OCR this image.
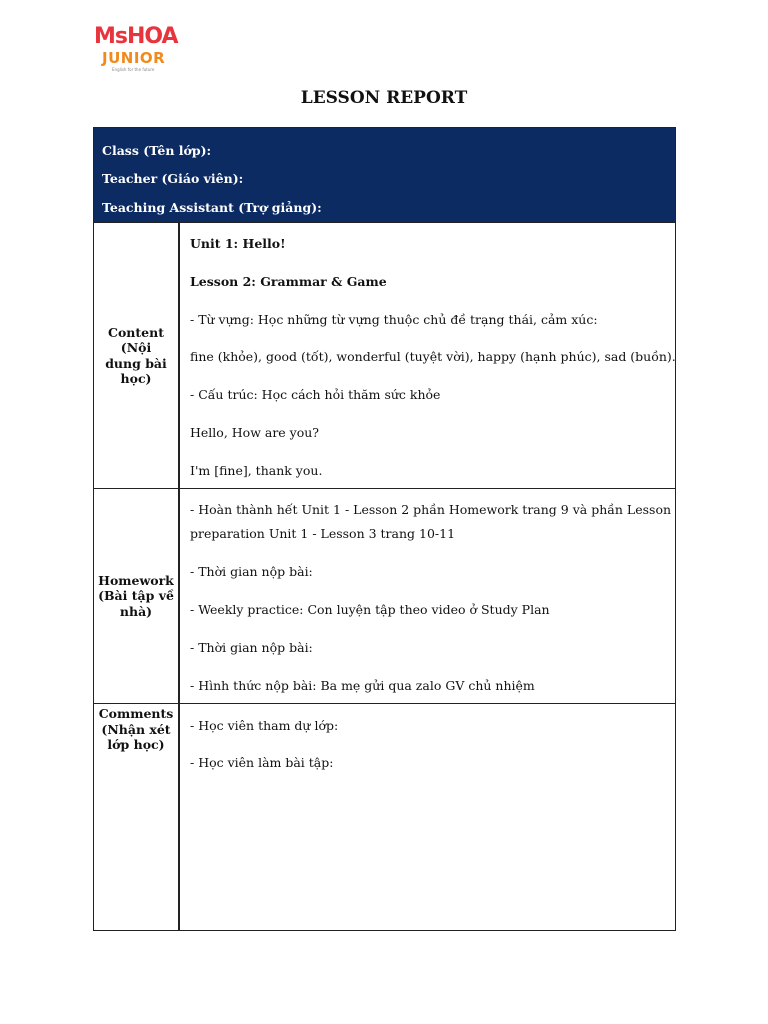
MsHOA
JUNIOR
English for the future
LESSON REPORT
Class (Tên lớp):
Teacher (Giáo viên):
Teaching Assistant (Trợ giảng):
Content (Nội dung bài học)
Unit 1: Hello!
Lesson 2: Grammar & Game
- Từ vựng: Học những từ vựng thuộc chủ đề trạng thái, cảm xúc:
fine (khỏe), good (tốt), wonderful (tuyệt vời), happy (hạnh phúc), sad (buồn).
- Cấu trúc: Học cách hỏi thăm sức khỏe
Hello, How are you?
I'm [fine], thank you.
Homework (Bài tập về nhà)
- Hoàn thành hết Unit 1 - Lesson 2 phần Homework trang 9 và phần Lesson
preparation Unit 1 - Lesson 3 trang 10-11
- Thời gian nộp bài:
- Weekly practice: Con luyện tập theo video ở Study Plan
- Thời gian nộp bài:
- Hình thức nộp bài: Ba mẹ gửi qua zalo GV chủ nhiệm
Comments (Nhận xét lớp học)
- Học viên tham dự lớp:
- Học viên làm bài tập:
